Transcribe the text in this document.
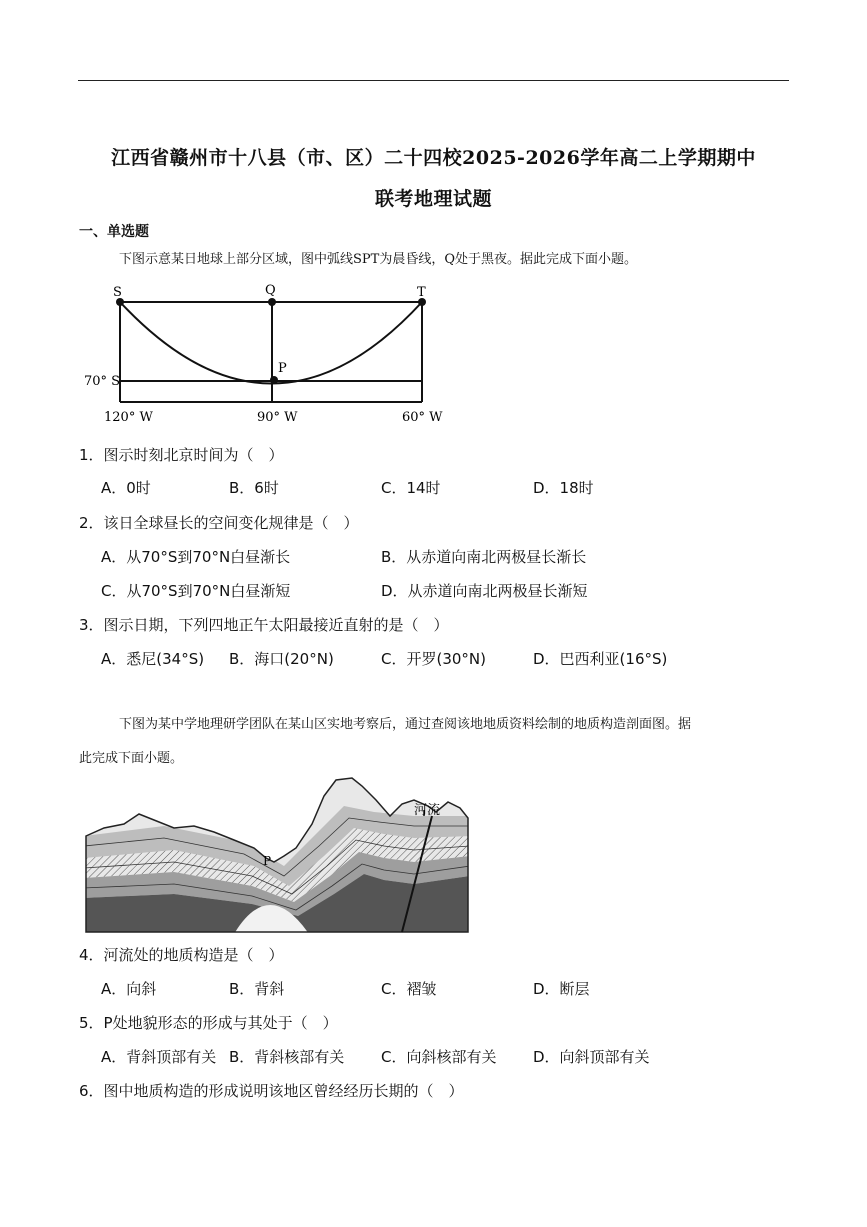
江西省赣州市十八县（市、区）二十四校2025-2026学年高二上学期期中
联考地理试题
一、单选题
下图示意某日地球上部分区域，图中弧线SPT为晨昏线，Q处于黑夜。据此完成下面小题。
S	Q	T
P
70° S
120° W	90° W	60° W
1．图示时刻北京时间为（　）
A．0时	B．6时	C．14时	D．18时
2．该日全球昼长的空间变化规律是（　）
A．从70°S到70°N白昼渐长	B．从赤道向南北两极昼长渐长
C．从70°S到70°N白昼渐短	D．从赤道向南北两极昼长渐短
3．图示日期，下列四地正午太阳最接近直射的是（　）
A．悉尼(34°S) B．海口(20°N)	C．开罗(30°N)	D．巴西利亚(16°S)
下图为某中学地理研学团队在某山区实地考察后，通过查阅该地地质资料绘制的地质构造剖面图。据
此完成下面小题。
河流
P
4．河流处的地质构造是（　）
A．向斜	B．背斜	C．褶皱	D．断层
5．P处地貌形态的形成与其处于（　）
A．背斜顶部有关 B．背斜核部有关 C．向斜核部有关 D．向斜顶部有关
6．图中地质构造的形成说明该地区曾经经历长期的（　）
